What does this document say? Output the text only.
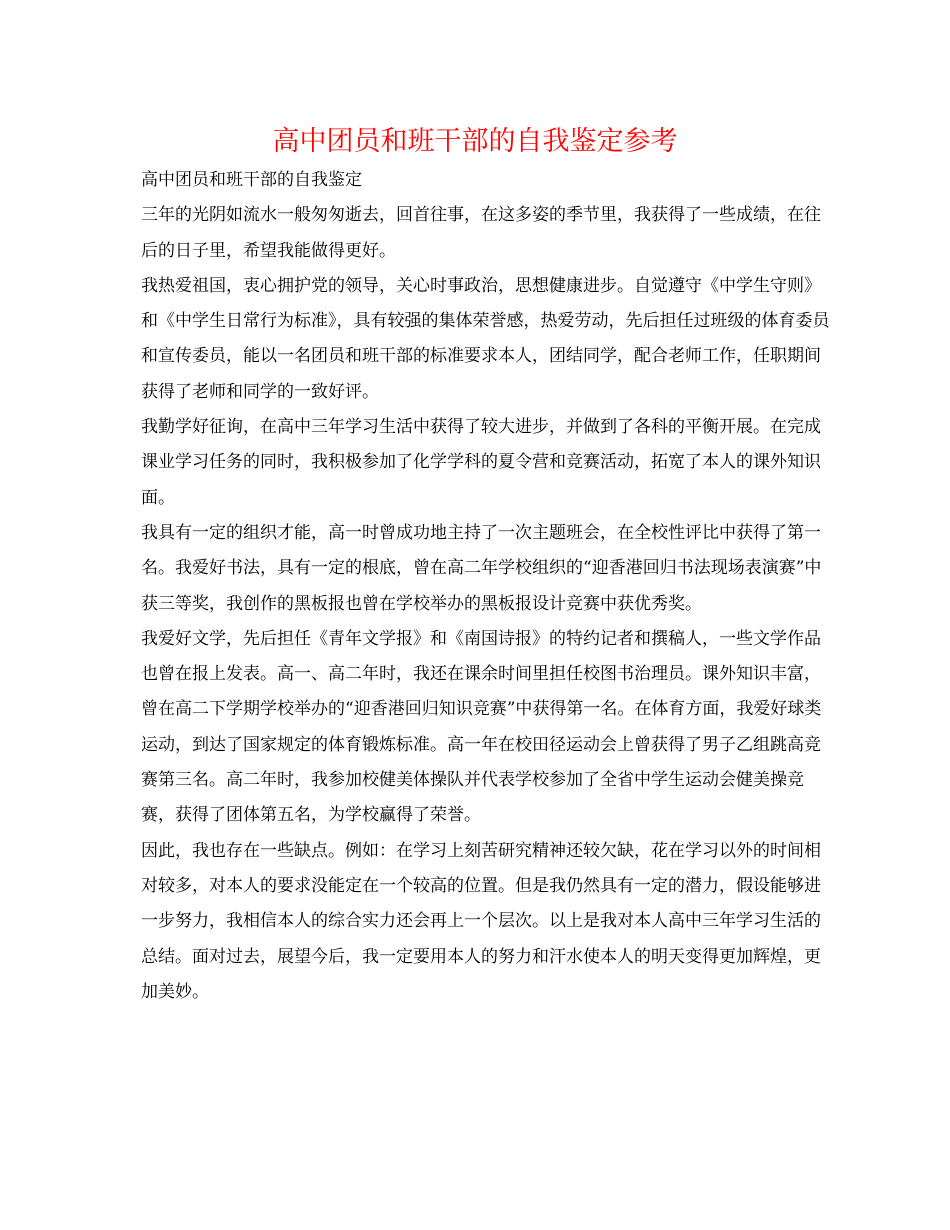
高中团员和班干部的自我鉴定参考

高中团员和班干部的自我鉴定

三年的光阴如流水一般匆匆逝去，回首往事，在这多姿的季节里，我获得了一些成绩，在往后的日子里，希望我能做得更好。

我热爱祖国，衷心拥护党的领导，关心时事政治，思想健康进步。自觉遵守《中学生守则》和《中学生日常行为标准》，具有较强的集体荣誉感，热爱劳动，先后担任过班级的体育委员和宣传委员，能以一名团员和班干部的标准要求本人，团结同学，配合老师工作，任职期间获得了老师和同学的一致好评。

我勤学好征询，在高中三年学习生活中获得了较大进步，并做到了各科的平衡开展。在完成课业学习任务的同时，我积极参加了化学学科的夏令营和竞赛活动，拓宽了本人的课外知识面。

我具有一定的组织才能，高一时曾成功地主持了一次主题班会，在全校性评比中获得了第一名。我爱好书法，具有一定的根底，曾在高二年学校组织的“迎香港回归书法现场表演赛”中获三等奖，我创作的黑板报也曾在学校举办的黑板报设计竞赛中获优秀奖。

我爱好文学，先后担任《青年文学报》和《南国诗报》的特约记者和撰稿人，一些文学作品也曾在报上发表。高一、高二年时，我还在课余时间里担任校图书治理员。课外知识丰富，曾在高二下学期学校举办的“迎香港回归知识竞赛”中获得第一名。在体育方面，我爱好球类运动，到达了国家规定的体育锻炼标准。高一年在校田径运动会上曾获得了男子乙组跳高竞赛第三名。高二年时，我参加校健美体操队并代表学校参加了全省中学生运动会健美操竞赛，获得了团体第五名，为学校赢得了荣誉。

因此，我也存在一些缺点。例如：在学习上刻苦研究精神还较欠缺，花在学习以外的时间相对较多，对本人的要求没能定在一个较高的位置。但是我仍然具有一定的潜力，假设能够进一步努力，我相信本人的综合实力还会再上一个层次。以上是我对本人高中三年学习生活的总结。面对过去，展望今后，我一定要用本人的努力和汗水使本人的明天变得更加辉煌，更加美妙。
